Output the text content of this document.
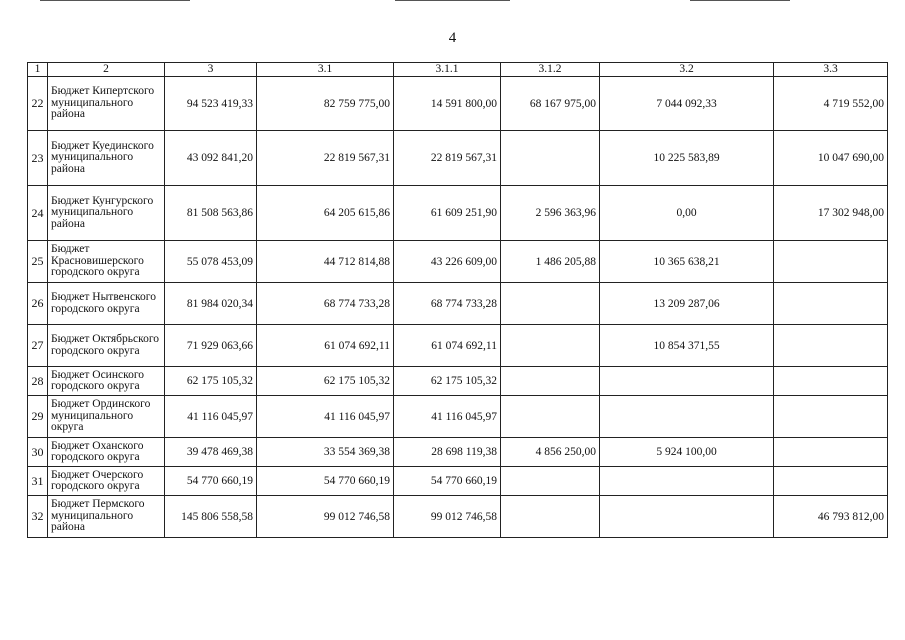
4
1	2	3	3.1	3.1.1	3.1.2	3.2	3.3
22	Бюджет Кипертского муниципального района	94 523 419,33	82 759 775,00	14 591 800,00	68 167 975,00	7 044 092,33	4 719 552,00
23	Бюджет Куединского муниципального района	43 092 841,20	22 819 567,31	22 819 567,31		10 225 583,89	10 047 690,00
24	Бюджет Кунгурского муниципального района	81 508 563,86	64 205 615,86	61 609 251,90	2 596 363,96	0,00	17 302 948,00
25	Бюджет Красновишерского городского округа	55 078 453,09	44 712 814,88	43 226 609,00	1 486 205,88	10 365 638,21	
26	Бюджет Нытвенского городского округа	81 984 020,34	68 774 733,28	68 774 733,28		13 209 287,06	
27	Бюджет Октябрьского городского округа	71 929 063,66	61 074 692,11	61 074 692,11		10 854 371,55	
28	Бюджет Осинского городского округа	62 175 105,32	62 175 105,32	62 175 105,32			
29	Бюджет Ординского муниципального округа	41 116 045,97	41 116 045,97	41 116 045,97			
30	Бюджет Оханского городского округа	39 478 469,38	33 554 369,38	28 698 119,38	4 856 250,00	5 924 100,00	
31	Бюджет Очерского городского округа	54 770 660,19	54 770 660,19	54 770 660,19			
32	Бюджет Пермского муниципального района	145 806 558,58	99 012 746,58	99 012 746,58			46 793 812,00
